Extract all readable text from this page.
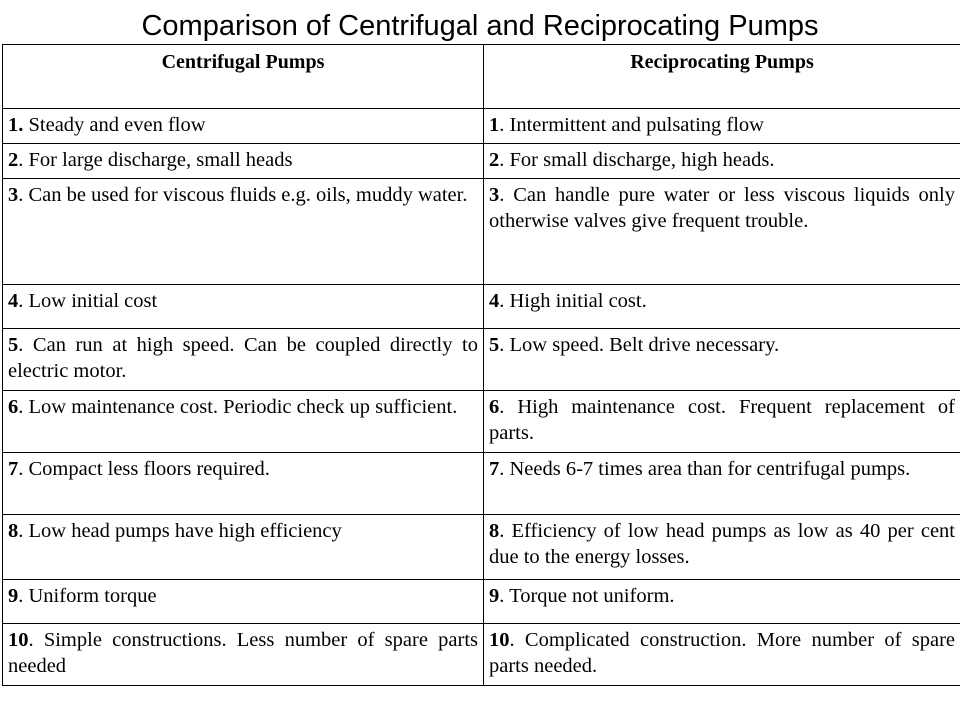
Comparison of Centrifugal and Reciprocating Pumps
Centrifugal Pumps	Reciprocating Pumps
1. Steady and even flow	1. Intermittent and pulsating flow
2. For large discharge, small heads	2. For small discharge, high heads.
3. Can be used for viscous fluids e.g. oils, muddy water.	3. Can handle pure water or less viscous liquids only otherwise valves give frequent trouble.
4. Low initial cost	4. High initial cost.
5. Can run at high speed. Can be coupled directly to electric motor.	5. Low speed. Belt drive necessary.
6. Low maintenance cost. Periodic check up sufficient.	6. High maintenance cost. Frequent replacement of parts.
7. Compact less floors required.	7. Needs 6-7 times area than for centrifugal pumps.
8. Low head pumps have high efficiency	8. Efficiency of low head pumps as low as 40 per cent due to the energy losses.
9. Uniform torque	9. Torque not uniform.
10. Simple constructions. Less number of spare parts needed	10. Complicated construction. More number of spare parts needed.
